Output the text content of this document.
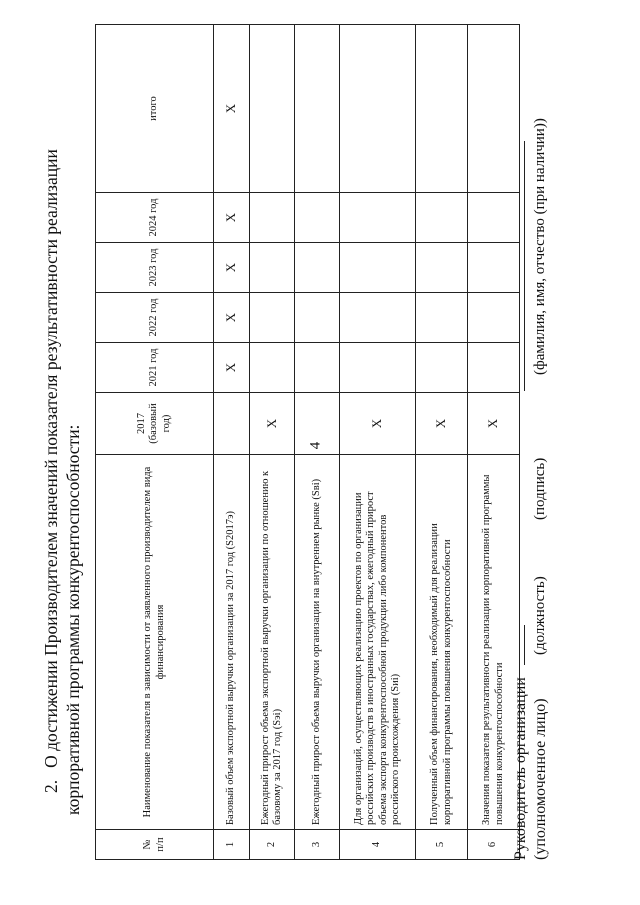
4
2.О достижении Производителем значений показателя результативности реализации корпоративной программы конкурентоспособности:
№ п/п	Наименование показателя в зависимости от заявленного производителем вида финансирования	2017 (базовый год)	2021 год	2022 год	2023 год	2024 год	итого
1	Базовый объем экспортной выручки организации за 2017 год (S2017э)		X	X	X	X	X
2	Ежегодный прирост объема экспортной выручки организации по отношению к базовому за 2017 год (Sэi)	X					
3	Ежегодный прирост объема выручки организации на внутреннем рынке (Sвi)						
4	Для организаций, осуществляющих реализацию проектов по организации российских производств в иностранных государствах, ежегодный прирост объема экспорта конкурентоспособной продукции либо компонентов российского происхождения (Sиi)	X					
5	Полученный объем финансирования, необходимый для реализации корпоративной программы повышения конкурентоспособности	X					
6	Значения показателя результативности реализации корпоративной программы повышения конкурентоспособности	X					
Руководитель организации (уполномоченное лицо)
(должность)
(подпись)
(фамилия, имя, отчество (при наличии))
